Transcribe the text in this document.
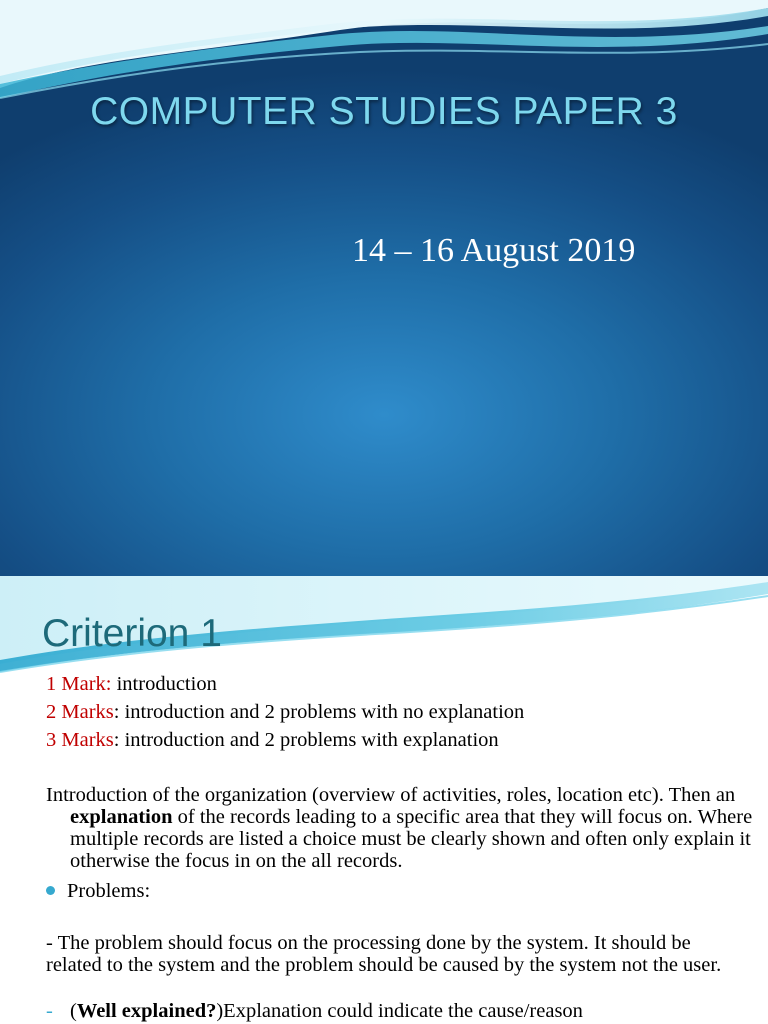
COMPUTER STUDIES PAPER 3

14 – 16 August 2019

Criterion 1

1 Mark: introduction

2 Marks: introduction and 2 problems with no explanation

3 Marks: introduction and 2 problems with explanation

Introduction of the organization (overview of activities, roles, location etc). Then an explanation of the records leading to a specific area that they will focus on. Where multiple records are listed a choice must be clearly shown and often only explain it otherwise the focus in on the all records.

Problems:

- The problem should focus on the processing done by the system. It should be related to the system and the problem should be caused by the system not the user.

- (Well explained?)Explanation could indicate the cause/reason
